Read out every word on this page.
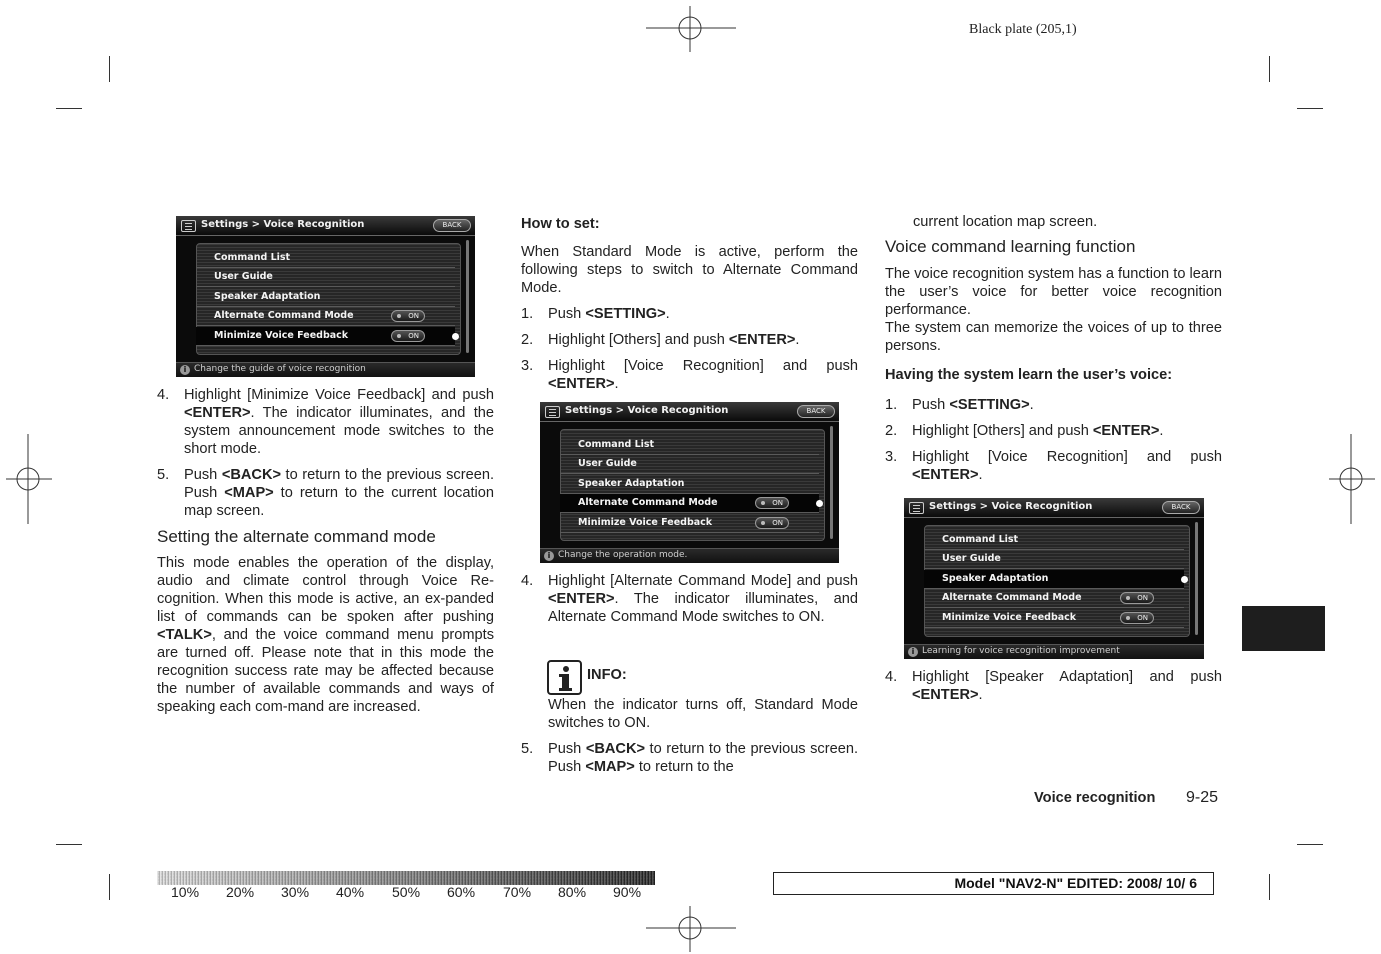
Black plate (205,1)
Settings > Voice Recognition	BACK
Command List
User Guide
Speaker Adaptation
Alternate Command Mode	ON
Minimize Voice Feedback	ON
i Change the guide of voice recognition
4. Highlight [Minimize Voice Feedback] and push <ENTER>. The indicator illuminates, and the system announcement mode switches to the short mode.
5. Push <BACK> to return to the previous screen. Push <MAP> to return to the current location map screen.
Setting the alternate command mode
This mode enables the operation of the display, audio and climate control through Voice Re-cognition. When this mode is active, an ex-panded list of commands can be spoken after pushing <TALK>, and the voice command menu prompts are turned off. Please note that in this mode the recognition success rate may be affected because the number of available commands and ways of speaking each com-mand are increased.
How to set:
When Standard Mode is active, perform the following steps to switch to Alternate Command Mode.
1. Push <SETTING>.
2. Highlight [Others] and push <ENTER>.
3. Highlight [Voice Recognition] and push <ENTER>.
Settings > Voice Recognition	BACK
Command List
User Guide
Speaker Adaptation
Alternate Command Mode	ON
Minimize Voice Feedback	ON
i Change the operation mode.
4. Highlight [Alternate Command Mode] and push <ENTER>. The indicator illuminates, and Alternate Command Mode switches to ON.
INFO:
When the indicator turns off, Standard Mode switches to ON.
5. Push <BACK> to return to the previous screen. Push <MAP> to return to the
current location map screen.
Voice command learning function
The voice recognition system has a function to learn the user’s voice for better voice recognition performance.
The system can memorize the voices of up to three persons.
Having the system learn the user’s voice:
1. Push <SETTING>.
2. Highlight [Others] and push <ENTER>.
3. Highlight [Voice Recognition] and push <ENTER>.
Settings > Voice Recognition	BACK
Command List
User Guide
Speaker Adaptation
Alternate Command Mode	ON
Minimize Voice Feedback	ON
i Learning for voice recognition improvement
4. Highlight [Speaker Adaptation] and push <ENTER>.
Voice recognition 9-25
10% 20% 30% 40% 50% 60% 70% 80% 90%
Model "NAV2-N" EDITED: 2008/ 10/ 6
